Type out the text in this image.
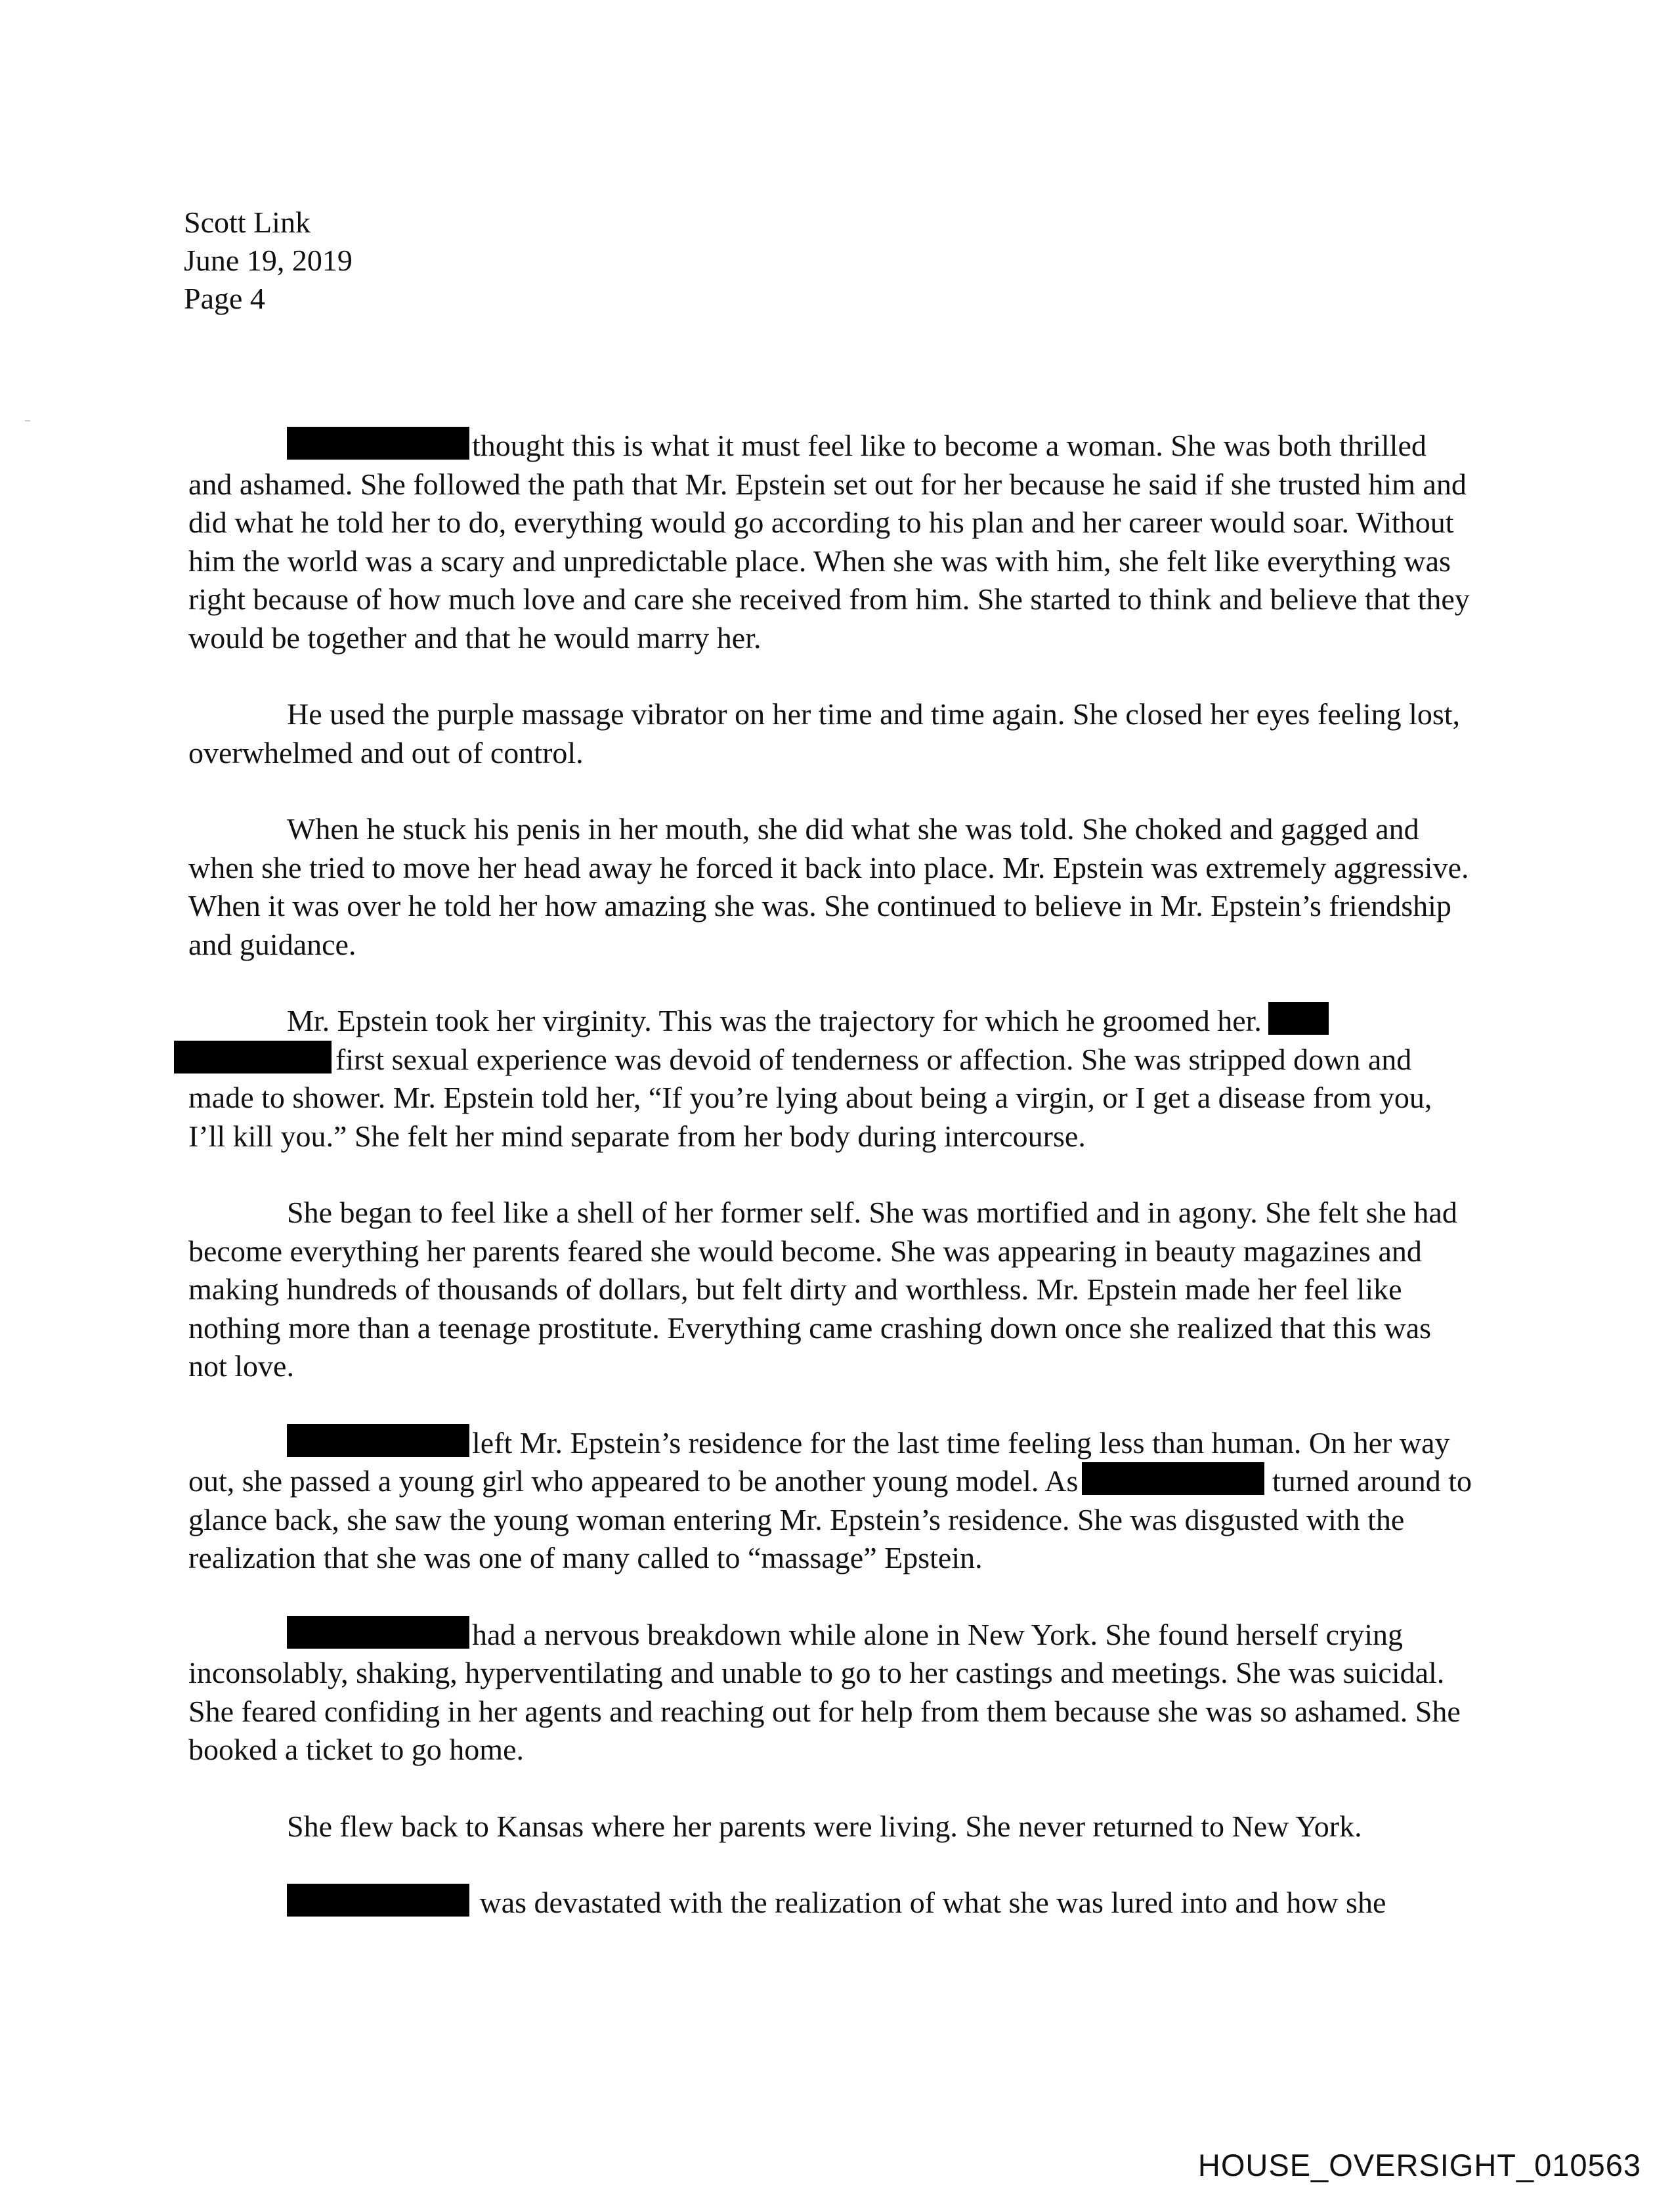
Scott Link
June 19, 2019
Page 4

thought this is what it must feel like to become a woman. She was both thrilled and ashamed. She followed the path that Mr. Epstein set out for her because he said if she trusted him and did what he told her to do, everything would go according to his plan and her career would soar. Without him the world was a scary and unpredictable place. When she was with him, she felt like everything was right because of how much love and care she received from him. She started to think and believe that they would be together and that he would marry her.

He used the purple massage vibrator on her time and time again. She closed her eyes feeling lost, overwhelmed and out of control.

When he stuck his penis in her mouth, she did what she was told. She choked and gagged and when she tried to move her head away he forced it back into place. Mr. Epstein was extremely aggressive. When it was over he told her how amazing she was. She continued to believe in Mr. Epstein’s friendship and guidance.

Mr. Epstein took her virginity. This was the trajectory for which he groomed her. first sexual experience was devoid of tenderness or affection. She was stripped down and made to shower. Mr. Epstein told her, “If you’re lying about being a virgin, or I get a disease from you, I’ll kill you.” She felt her mind separate from her body during intercourse.

She began to feel like a shell of her former self. She was mortified and in agony. She felt she had become everything her parents feared she would become. She was appearing in beauty magazines and making hundreds of thousands of dollars, but felt dirty and worthless. Mr. Epstein made her feel like nothing more than a teenage prostitute. Everything came crashing down once she realized that this was not love.

left Mr. Epstein’s residence for the last time feeling less than human. On her way out, she passed a young girl who appeared to be another young model. As	turned around to glance back, she saw the young woman entering Mr. Epstein’s residence. She was disgusted with the realization that she was one of many called to “massage” Epstein.

had a nervous breakdown while alone in New York. She found herself crying inconsolably, shaking, hyperventilating and unable to go to her castings and meetings. She was suicidal. She feared confiding in her agents and reaching out for help from them because she was so ashamed. She booked a ticket to go home.

She flew back to Kansas where her parents were living. She never returned to New York.

was devastated with the realization of what she was lured into and how she

HOUSE_OVERSIGHT_010563
